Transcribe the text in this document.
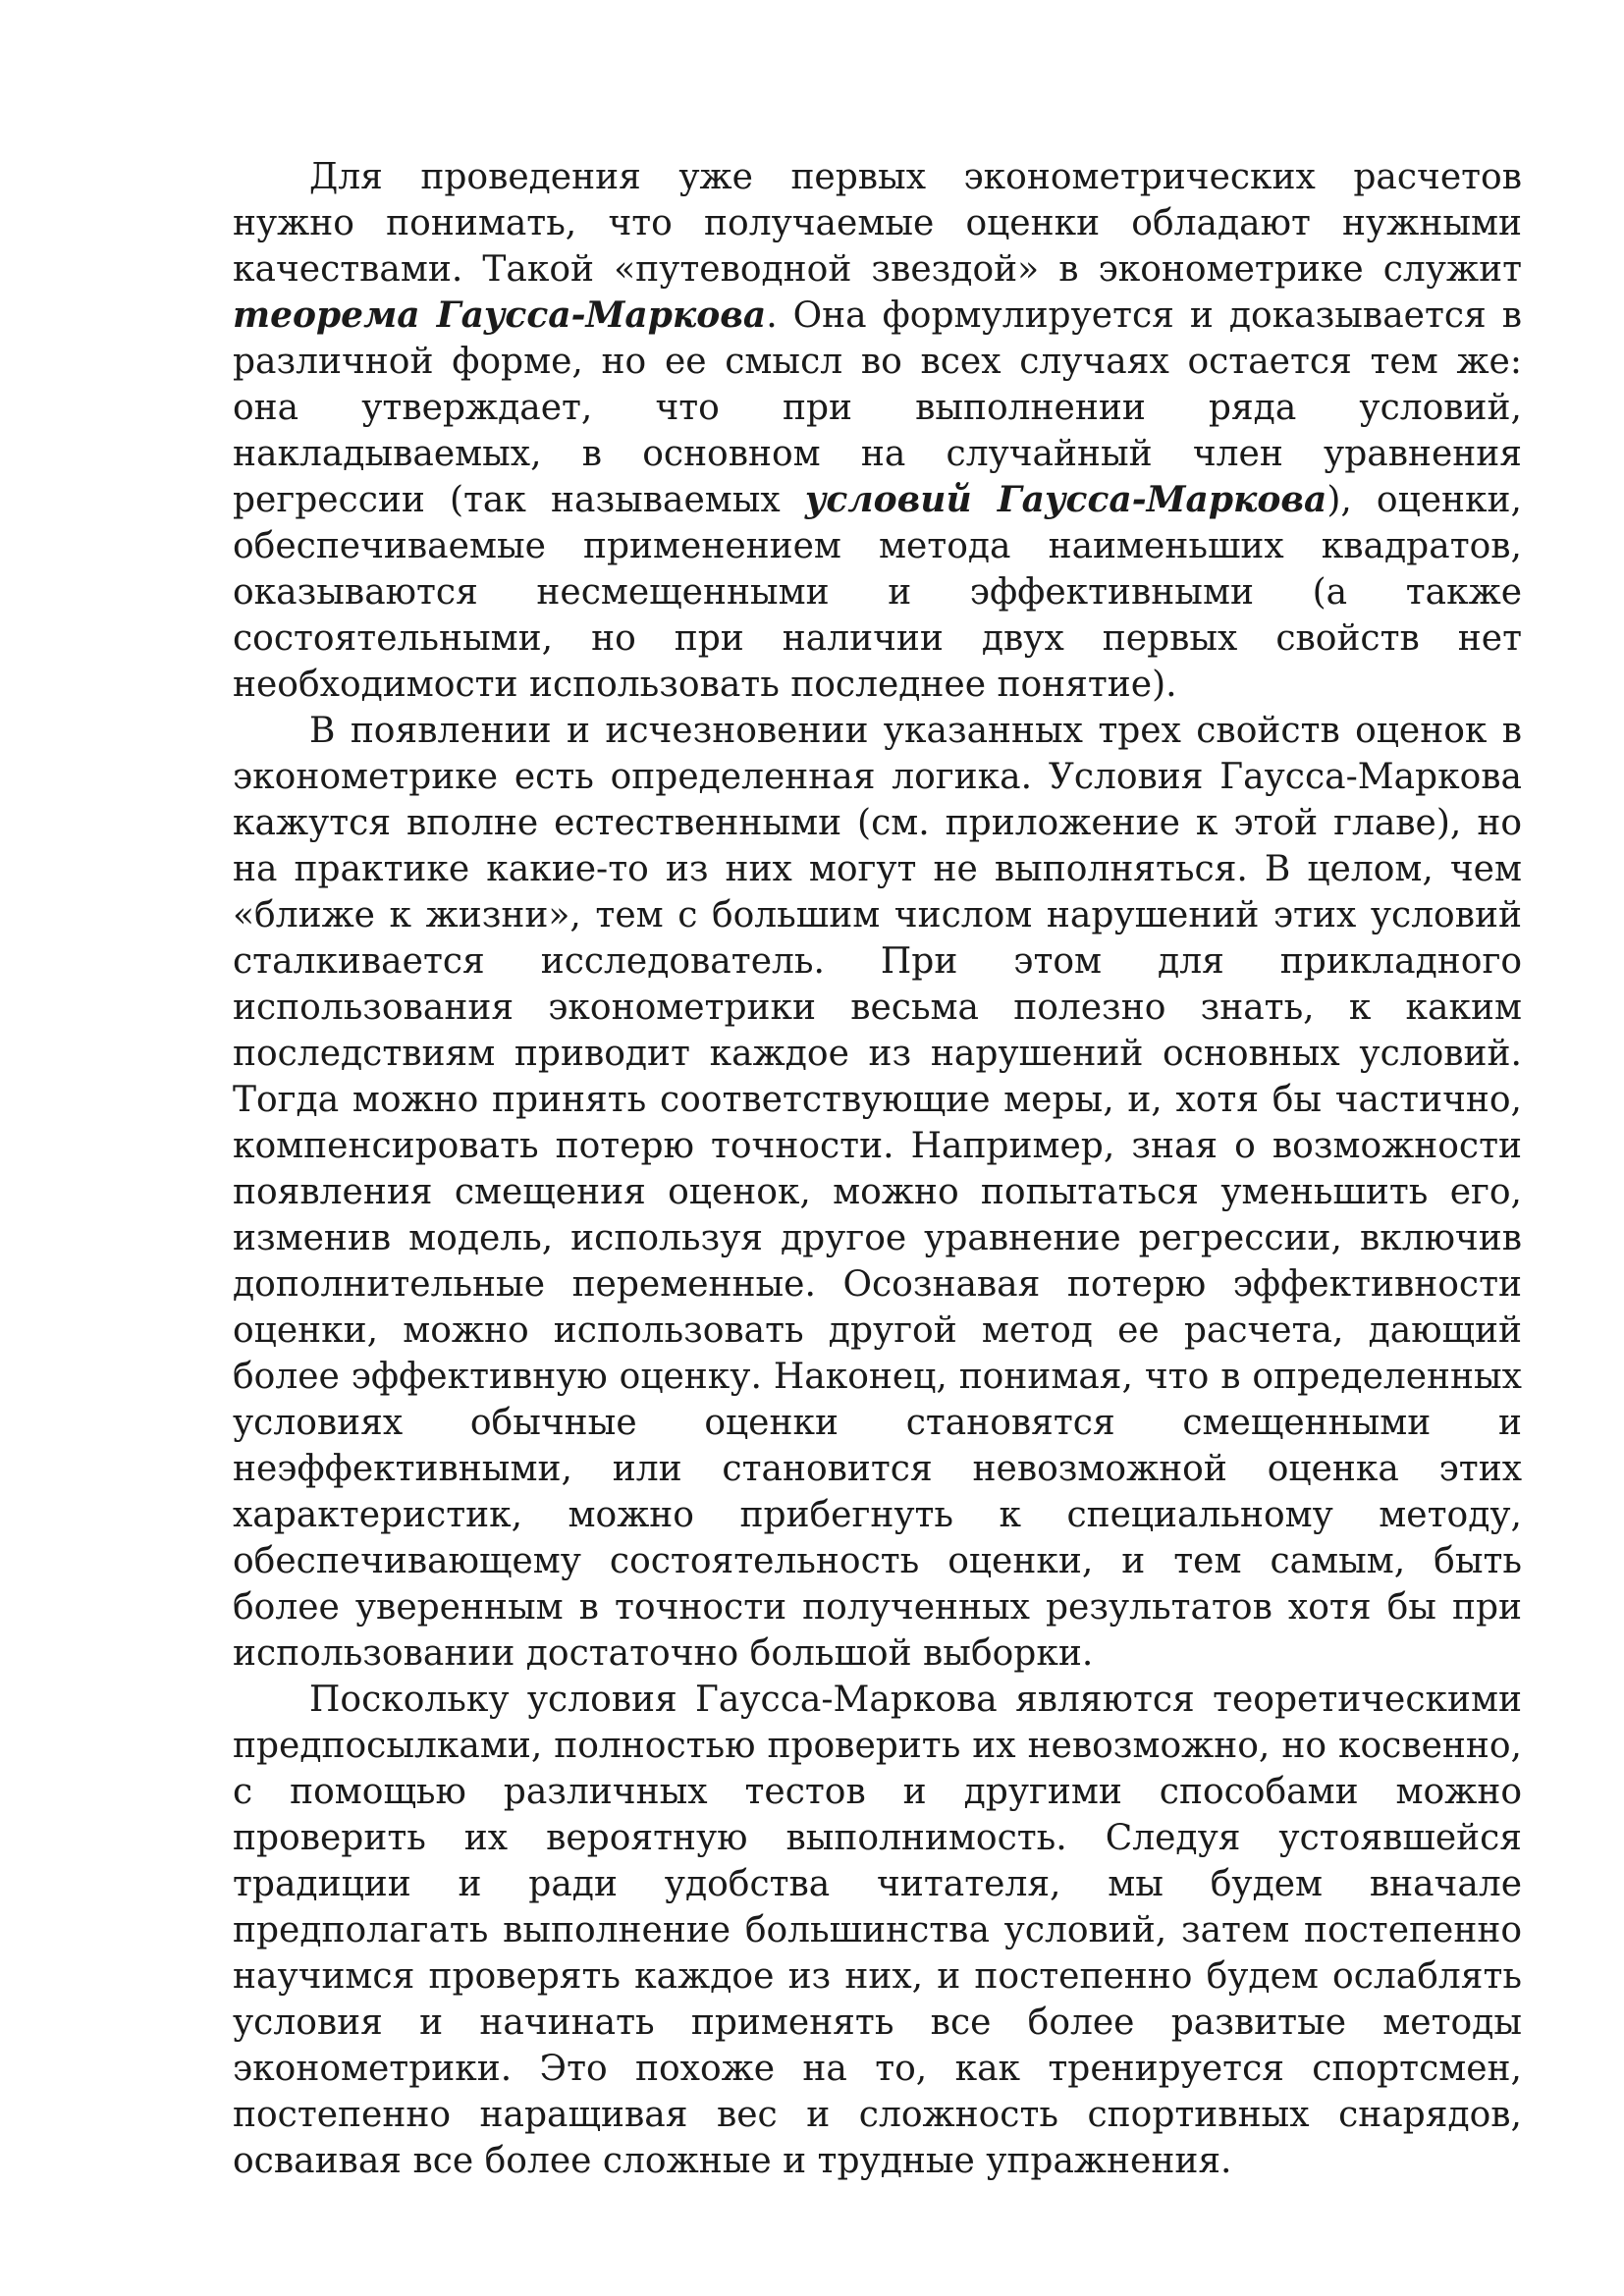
Для проведения уже первых эконометрических расчетов нужно понимать, что получаемые оценки обладают нужными качествами. Такой «путеводной звездой» в эконометрике служит теорема Гаусса-Маркова. Она формулируется и доказывается в различной форме, но ее смысл во всех случаях остается тем же: она утверждает, что при выполнении ряда условий, накладываемых, в основном на случайный член уравнения регрессии (так называемых условий Гаусса-Маркова), оценки, обеспечиваемые применением метода наименьших квадратов, оказываются несмещенными и эффективными (а также состоятельными, но при наличии двух первых свойств нет необходимости использовать последнее понятие).

В появлении и исчезновении указанных трех свойств оценок в эконометрике есть определенная логика. Условия Гаусса-Маркова кажутся вполне естественными (см. приложение к этой главе), но на практике какие-то из них могут не выполняться. В целом, чем «ближе к жизни», тем с большим числом нарушений этих условий сталкивается исследователь. При этом для прикладного использования эконометрики весьма полезно знать, к каким последствиям приводит каждое из нарушений основных условий. Тогда можно принять соответствующие меры, и, хотя бы частично, компенсировать потерю точности. Например, зная о возможности появления смещения оценок, можно попытаться уменьшить его, изменив модель, используя другое уравнение регрессии, включив дополнительные переменные. Осознавая потерю эффективности оценки, можно использовать другой метод ее расчета, дающий более эффективную оценку. Наконец, понимая, что в определенных условиях обычные оценки становятся смещенными и неэффективными, или становится невозможной оценка этих характеристик, можно прибегнуть к специальному методу, обеспечивающему состоятельность оценки, и тем самым, быть более уверенным в точности полученных результатов хотя бы при использовании достаточно большой выборки.

Поскольку условия Гаусса-Маркова являются теоретическими предпосылками, полностью проверить их невозможно, но косвенно, с помощью различных тестов и другими способами можно проверить их вероятную выполнимость. Следуя устоявшейся традиции и ради удобства читателя, мы будем вначале предполагать выполнение большинства условий, затем постепенно научимся проверять каждое из них, и постепенно будем ослаблять условия и начинать применять все более развитые методы эконометрики. Это похоже на то, как тренируется спортсмен, постепенно наращивая вес и сложность спортивных снарядов, осваивая все более сложные и трудные упражнения.
